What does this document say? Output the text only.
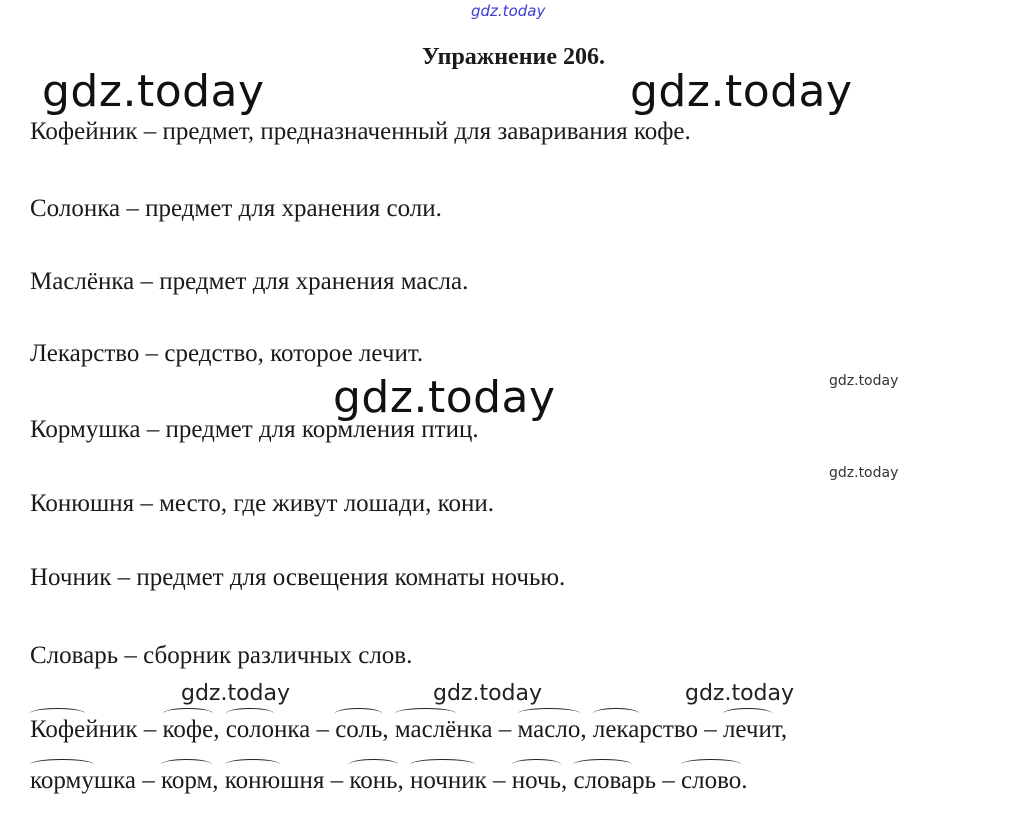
gdz.today
Упражнение 206.
gdz.today	gdz.today
gdz.today	gdz.today
gdz.today
gdz.today	gdz.today	gdz.today
Кофейник – предмет, предназначенный для заваривания кофе.
Солонка – предмет для хранения соли.
Маслёнка – предмет для хранения масла.
Лекарство – средство, которое лечит.
Кормушка – предмет для кормления птиц.
Конюшня – место, где живут лошади, кони.
Ночник – предмет для освещения комнаты ночью.
Словарь – сборник различных слов.
Кофейник – кофе, солонка – соль, маслёнка – масло, лекарство – лечит,
кормушка – корм, конюшня – конь, ночник – ночь, словарь – слово.
